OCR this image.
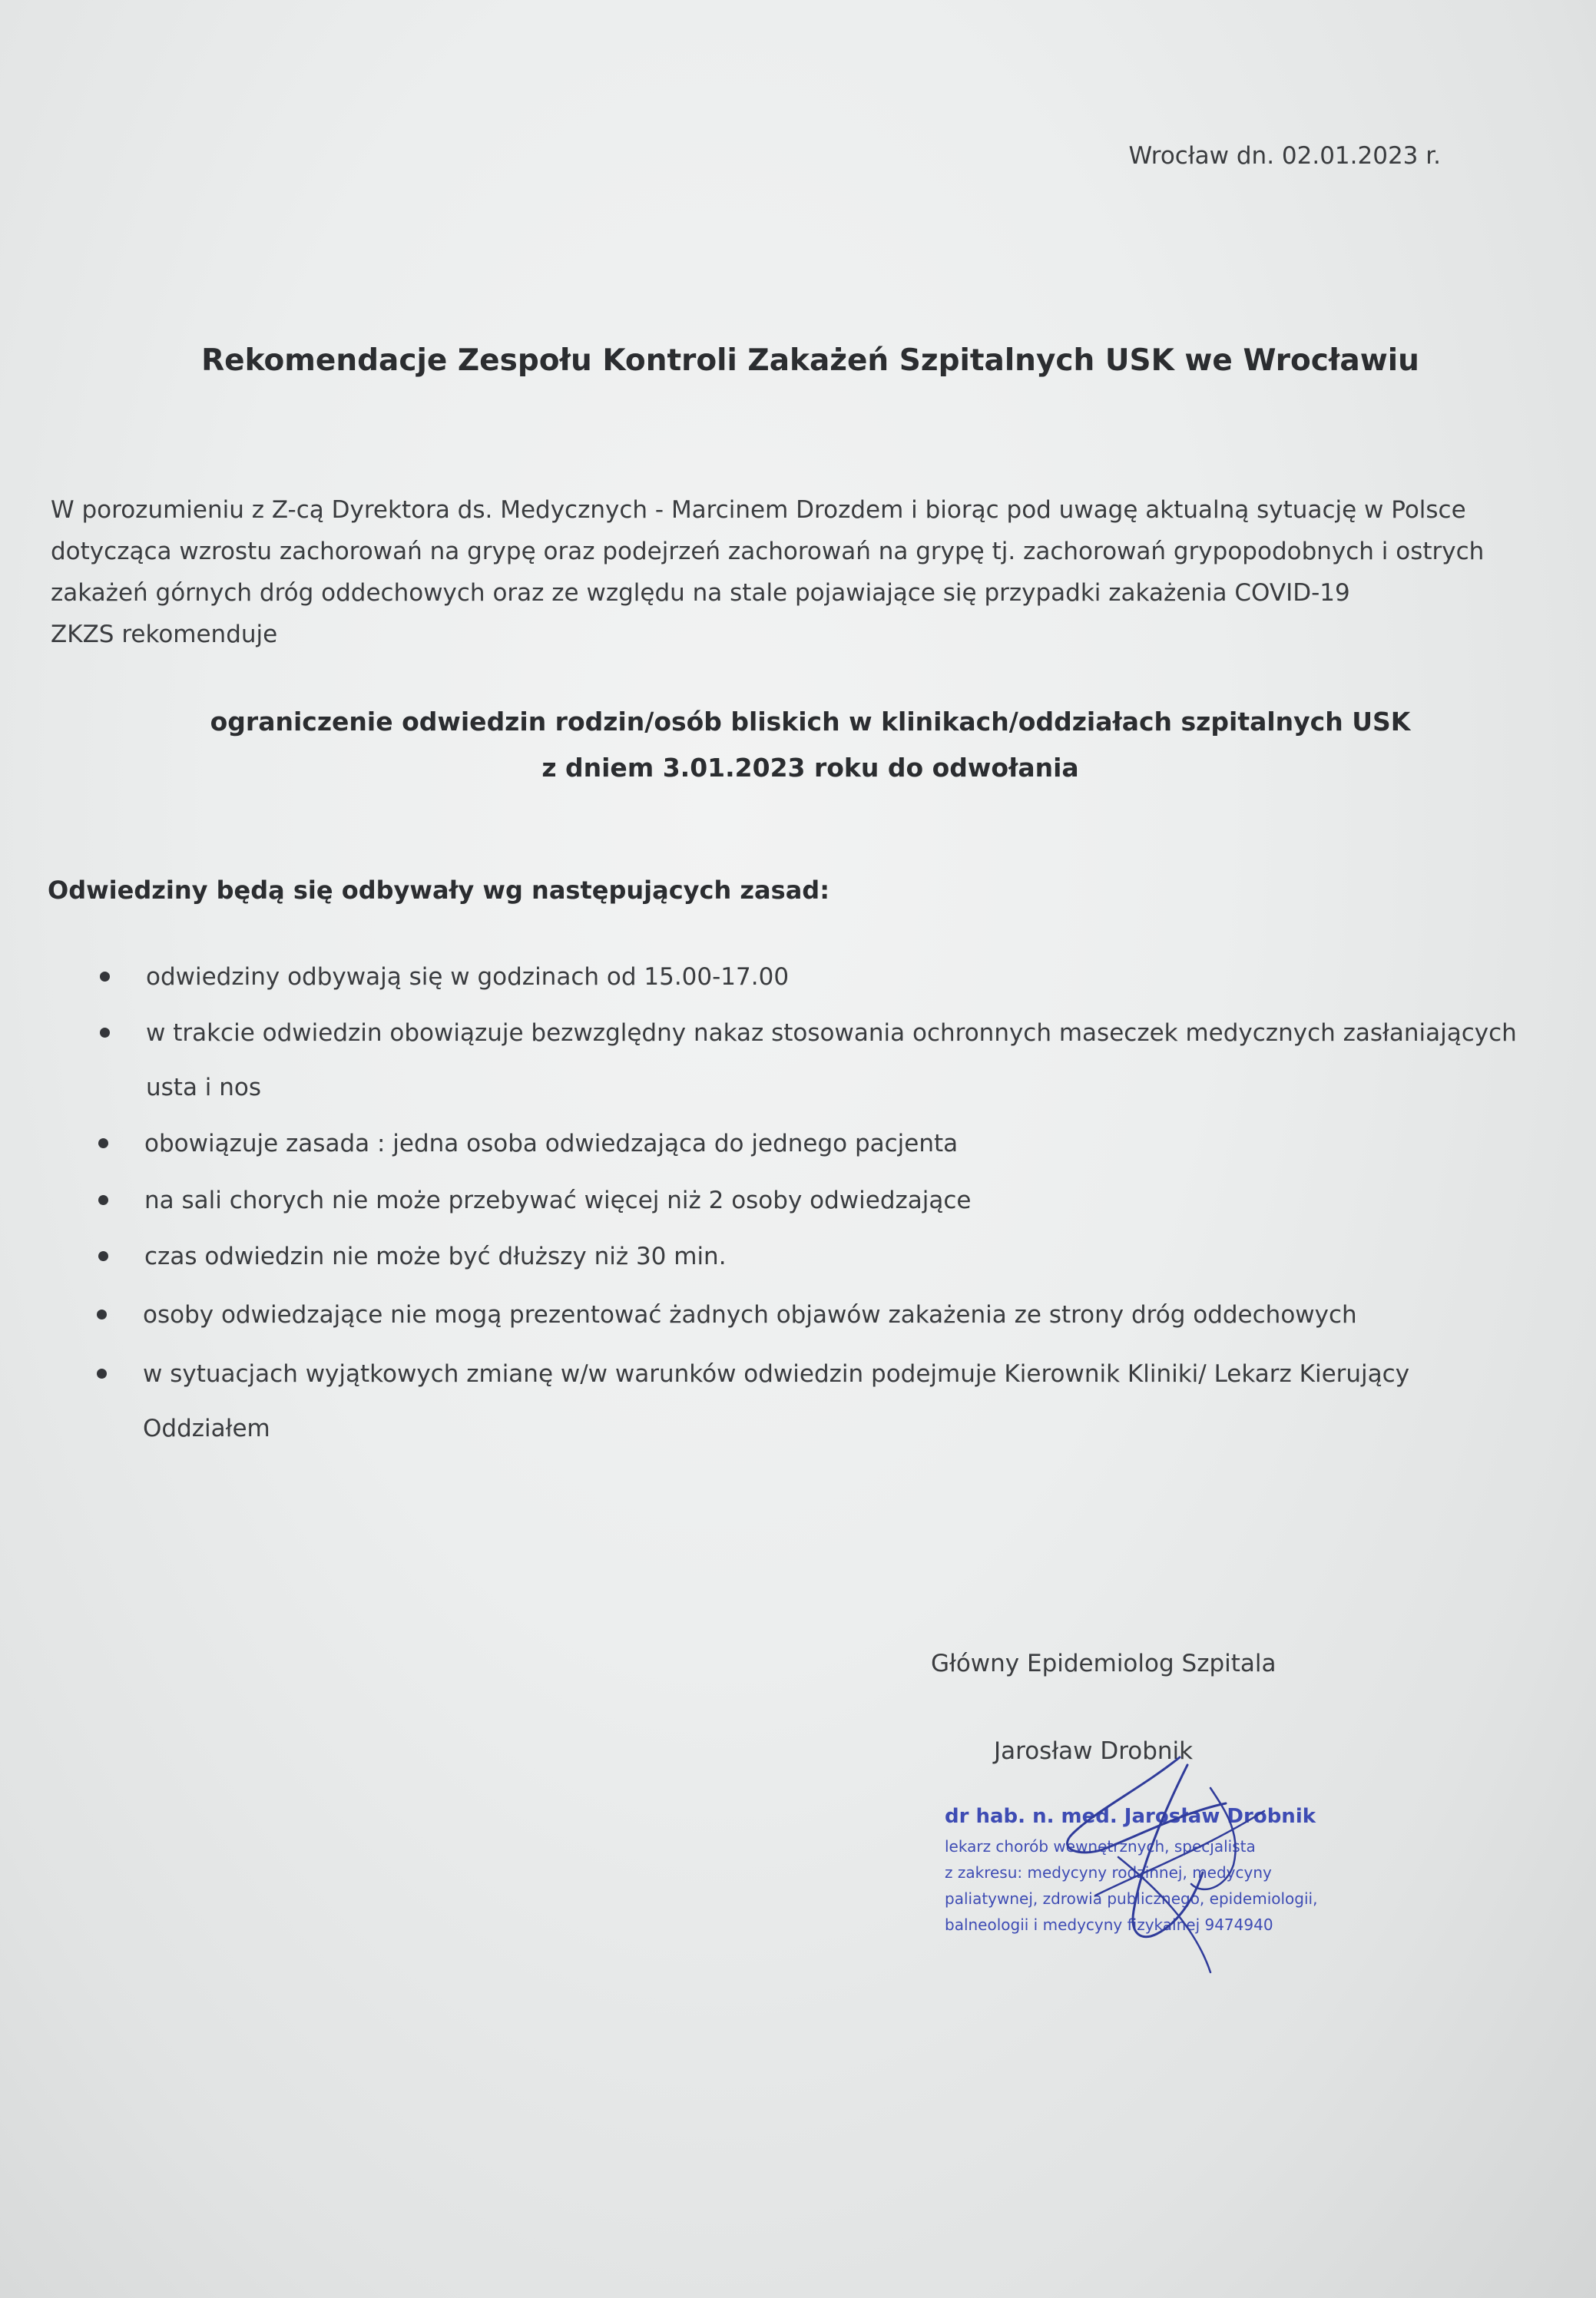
Wrocław dn. 02.01.2023 r.
Rekomendacje Zespołu Kontroli Zakażeń Szpitalnych USK we Wrocławiu
W porozumieniu z Z-cą Dyrektora ds. Medycznych - Marcinem Drozdem i biorąc pod uwagę aktualną sytuację w Polsce
dotycząca wzrostu zachorowań na grypę oraz podejrzeń zachorowań na grypę tj. zachorowań grypopodobnych i ostrych
zakażeń górnych dróg oddechowych oraz ze względu na stale pojawiające się przypadki zakażenia COVID-19
ZKZS rekomenduje
ograniczenie odwiedzin rodzin/osób bliskich w klinikach/oddziałach szpitalnych USK
z dniem 3.01.2023 roku do odwołania
Odwiedziny będą się odbywały wg następujących zasad:
odwiedziny odbywają się w godzinach od 15.00-17.00
w trakcie odwiedzin obowiązuje bezwzględny nakaz stosowania ochronnych maseczek medycznych zasłaniających
usta i nos
obowiązuje zasada : jedna osoba odwiedzająca do jednego pacjenta
na sali chorych nie może przebywać więcej niż 2 osoby odwiedzające
czas odwiedzin nie może być dłuższy niż 30 min.
osoby odwiedzające nie mogą prezentować żadnych objawów zakażenia ze strony dróg oddechowych
w sytuacjach wyjątkowych zmianę w/w warunków odwiedzin podejmuje Kierownik Kliniki/ Lekarz Kierujący
Oddziałem
Główny Epidemiolog Szpitala
Jarosław Drobnik
dr hab. n. med. Jarosław Drobnik
lekarz chorób wewnętrznych, specjalista
z zakresu: medycyny rodzinnej, medycyny
paliatywnej, zdrowia publicznego, epidemiologii,
balneologii i medycyny fizykalnej 9474940
